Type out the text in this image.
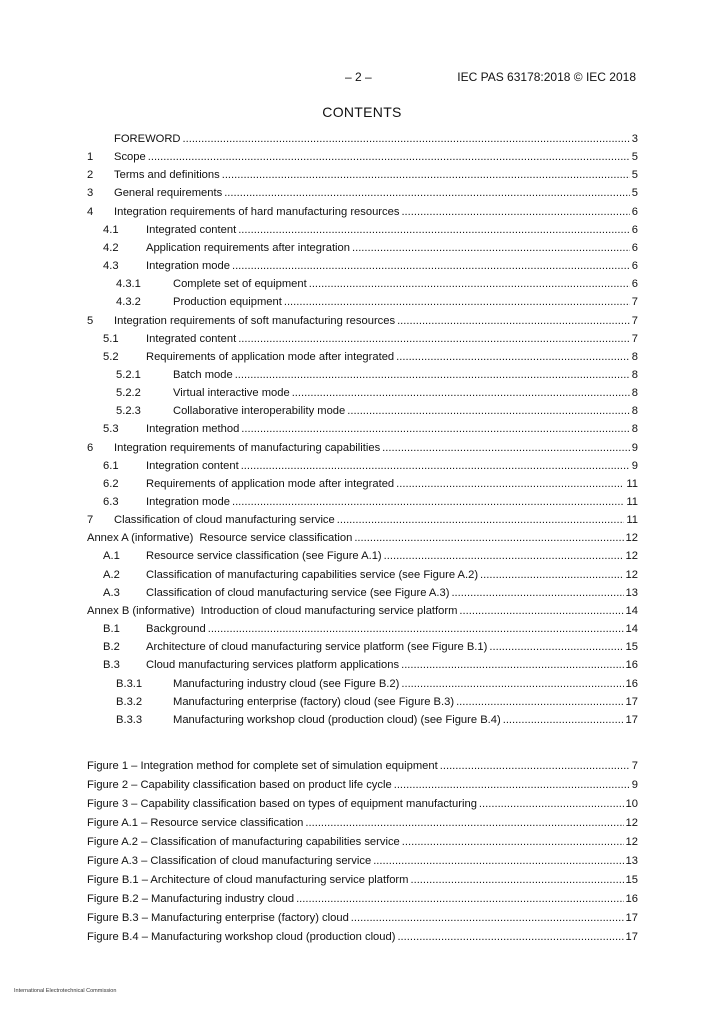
– 2 –	IEC PAS 63178:2018 © IEC 2018
CONTENTS
FOREWORD .....	3
1	Scope .....	5
2	Terms and definitions .....	5
3	General requirements .....	5
4	Integration requirements of hard manufacturing resources .....	6
4.1	Integrated content .....	6
4.2	Application requirements after integration .....	6
4.3	Integration mode .....	6
4.3.1	Complete set of equipment .....	6
4.3.2	Production equipment .....	7
5	Integration requirements of soft manufacturing resources .....	7
5.1	Integrated content .....	7
5.2	Requirements of application mode after integrated .....	8
5.2.1	Batch mode .....	8
5.2.2	Virtual interactive mode .....	8
5.2.3	Collaborative interoperability mode .....	8
5.3	Integration method .....	8
6	Integration requirements of manufacturing capabilities .....	9
6.1	Integration content .....	9
6.2	Requirements of application mode after integrated .....	11
6.3	Integration mode .....	11
7	Classification of cloud manufacturing service .....	11
Annex A (informative) Resource service classification .....	12
A.1	Resource service classification (see Figure A.1) .....	12
A.2	Classification of manufacturing capabilities service (see Figure A.2) .....	12
A.3	Classification of cloud manufacturing service (see Figure A.3) .....	13
Annex B (informative) Introduction of cloud manufacturing service platform .....	14
B.1	Background .....	14
B.2	Architecture of cloud manufacturing service platform (see Figure B.1) .....	15
B.3	Cloud manufacturing services platform applications .....	16
B.3.1	Manufacturing industry cloud (see Figure B.2) .....	16
B.3.2	Manufacturing enterprise (factory) cloud (see Figure B.3) .....	17
B.3.3	Manufacturing workshop cloud (production cloud) (see Figure B.4) .....	17
Figure 1 – Integration method for complete set of simulation equipment .....	7
Figure 2 – Capability classification based on product life cycle .....	9
Figure 3 – Capability classification based on types of equipment manufacturing .....	10
Figure A.1 – Resource service classification .....	12
Figure A.2 – Classification of manufacturing capabilities service .....	12
Figure A.3 – Classification of cloud manufacturing service .....	13
Figure B.1 – Architecture of cloud manufacturing service platform .....	15
Figure B.2 – Manufacturing industry cloud .....	16
Figure B.3 – Manufacturing enterprise (factory) cloud .....	17
Figure B.4 – Manufacturing workshop cloud (production cloud) .....	17
International Electrotechnical Commission
